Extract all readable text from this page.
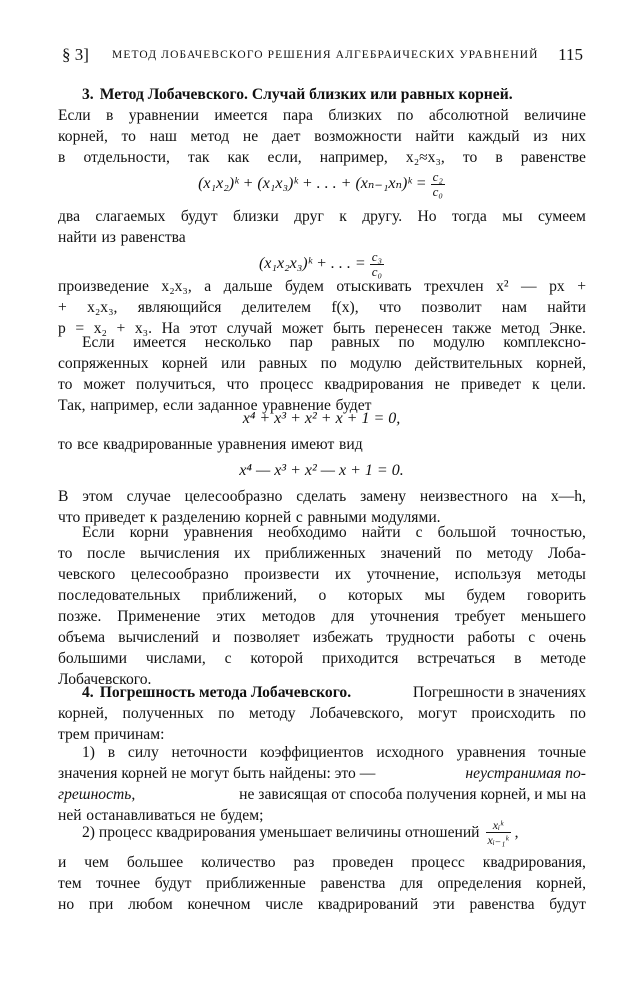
§ 3] МЕТОД ЛОБАЧЕВСКОГО РЕШЕНИЯ АЛГЕБРАИЧЕСКИХ УРАВНЕНИЙ 115
3. Метод Лобачевского. Случай близких или равных корней.
Если в уравнении имеется пара близких по абсолютной величине
корней, то наш метод не дает возможности найти каждый из них
в отдельности, так как если, например, x₂≈x₃, то в равенстве
(x₁x₂)ᵏ + (x₁x₃)ᵏ + . . . + (xₙ₋₁xₙ)ᵏ = $\frac{\text{c₂}}{\text{c₀}}$
два слагаемых будут близки друг к другу. Но тогда мы сумеем
найти из равенства
(x₁x₂x₃)ᵏ + . . . = $\frac{\text{c₃}}{\text{c₀}}$
произведение x₂x₃, а дальше будем отыскивать трехчлен x² — px +
+ x₂x₃, являющийся делителем f(x), что позволит нам найти
p = x₂ + x₃. На этот случай может быть перенесен также метод Энке.
Если имеется несколько пар равных по модулю комплексно-
сопряженных корней или равных по модулю действительных корней,
то может получиться, что процесс квадрирования не приведет к цели.
Так, например, если заданное уравнение будет
x⁴ + x³ + x² + x + 1 = 0,
то все квадрированные уравнения имеют вид
x⁴ — x³ + x² — x + 1 = 0.
В этом случае целесообразно сделать замену неизвестного на x—h,
что приведет к разделению корней с равными модулями.
Если корни уравнения необходимо найти с большой точностью,
то после вычисления их приближенных значений по методу Лоба-
чевского целесообразно произвести их уточнение, используя методы
последовательных приближений, о которых мы будем говорить
позже. Применение этих методов для уточнения требует меньшего
объема вычислений и позволяет избежать трудности работы с очень
большими числами, с которой приходится встречаться в методе
Лобачевского.
4. Погрешность метода Лобачевского.	Погрешности в значениях
корней, полученных по методу Лобачевского, могут происходить по
трем причинам:
1) в силу неточности коэффициентов исходного уравнения точные
значения корней не могут быть найдены: это —	неустранимая по-
грешность,	не зависящая от способа получения корней, и мы на
ней останавливаться не будем;
2) процесс квадрирования уменьшает величины отношений $\frac{\text{xᵢᵏ}}{\text{xᵢ₋₁ᵏ}}$ ,
и чем большее количество раз проведен процесс квадрирования,
тем точнее будут приближенные равенства для определения корней,
но при любом конечном числе квадрирований эти равенства будут
